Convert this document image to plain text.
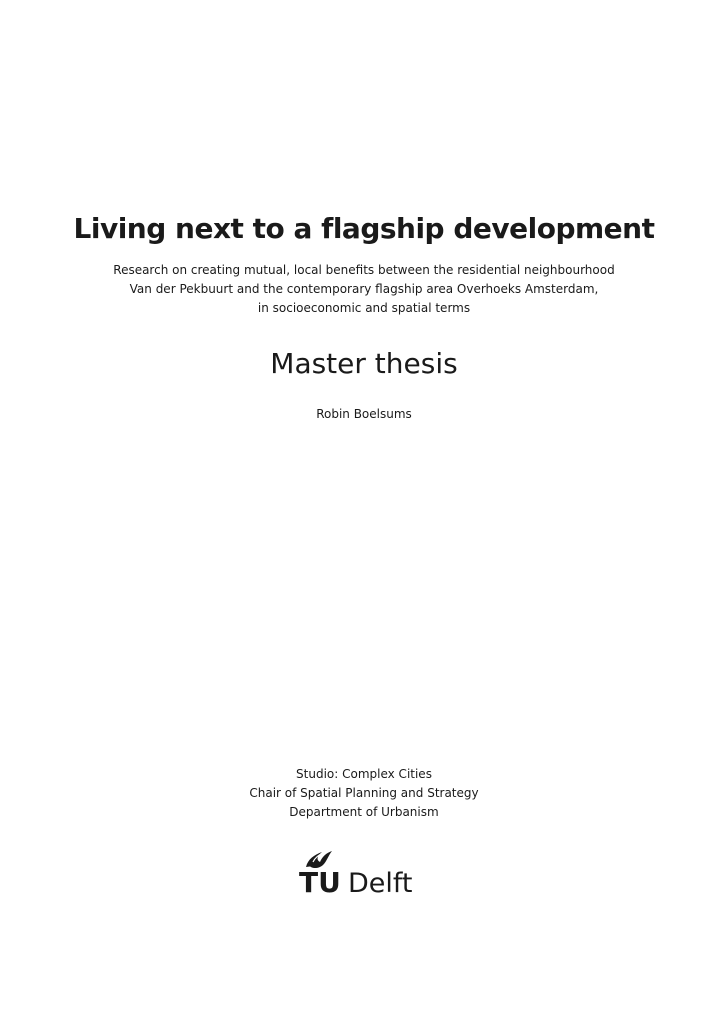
Living next to a flagship development
Research on creating mutual, local benefits between the residential neighbourhood
Van der Pekbuurt and the contemporary flagship area Overhoeks Amsterdam,
in socioeconomic and spatial terms
Master thesis
Robin Boelsums
Studio: Complex Cities
Chair of Spatial Planning and Strategy
Department of Urbanism
TU Delft
